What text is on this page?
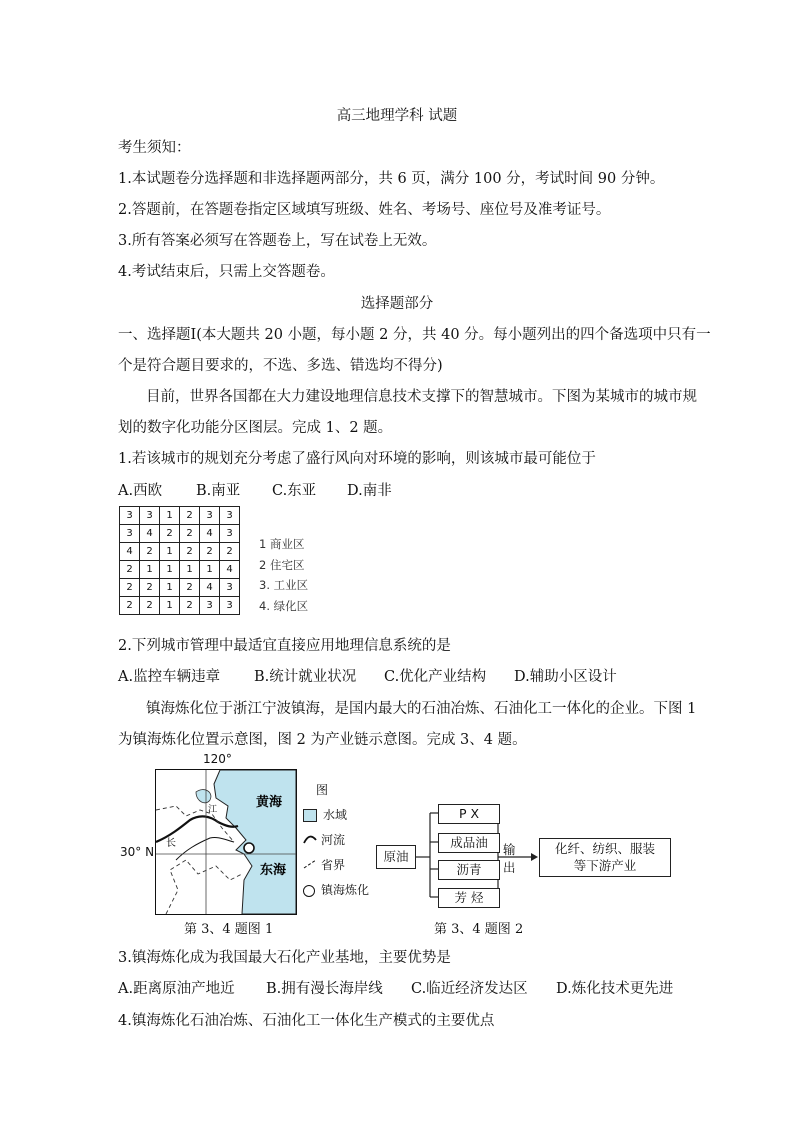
高三地理学科 试题
考生须知：
1.本试题卷分选择题和非选择题两部分，共 6 页，满分 100 分，考试时间 90 分钟。
2.答题前，在答题卷指定区域填写班级、姓名、考场号、座位号及准考证号。
3.所有答案必须写在答题卷上，写在试卷上无效。
4.考试结束后，只需上交答题卷。
选择题部分
一、选择题Ⅰ(本大题共 20 小题，每小题 2 分，共 40 分。每小题列出的四个备选项中只有一
个是符合题目要求的，不选、多选、错选均不得分)
目前，世界各国都在大力建设地理信息技术支撑下的智慧城市。下图为某城市的城市规
划的数字化功能分区图层。完成 1、2 题。
1.若该城市的规划充分考虑了盛行风向对环境的影响，则该城市最可能位于
A.西欧 B.南亚 C.东亚 D.南非
3	3	1	2	3	3
3	4	2	2	4	3
4	2	1	2	2	2
2	1	1	1	1	4
2	2	1	2	4	3
2	2	1	2	3	3
1 商业区
2 住宅区
3. 工业区
4. 绿化区
2.下列城市管理中最适宜直接应用地理信息系统的是
A.监控车辆违章 B.统计就业状况 C.优化产业结构 D.辅助小区设计
镇海炼化位于浙江宁波镇海，是国内最大的石油冶炼、石油化工一体化的企业。下图 1
为镇海炼化位置示意图，图 2 为产业链示意图。完成 3、4 题。
120°
30° N
黄海
东海
长
江
图
水域
河流
省界
镇海炼化
第 3、4 题图 1
原油
P X
成品油
沥青
芳 烃
输出
化纤、纺织、服装
等下游产业
第 3、4 题图 2
3.镇海炼化成为我国最大石化产业基地，主要优势是
A.距离原油产地近 B.拥有漫长海岸线 C.临近经济发达区 D.炼化技术更先进
4.镇海炼化石油冶炼、石油化工一体化生产模式的主要优点
